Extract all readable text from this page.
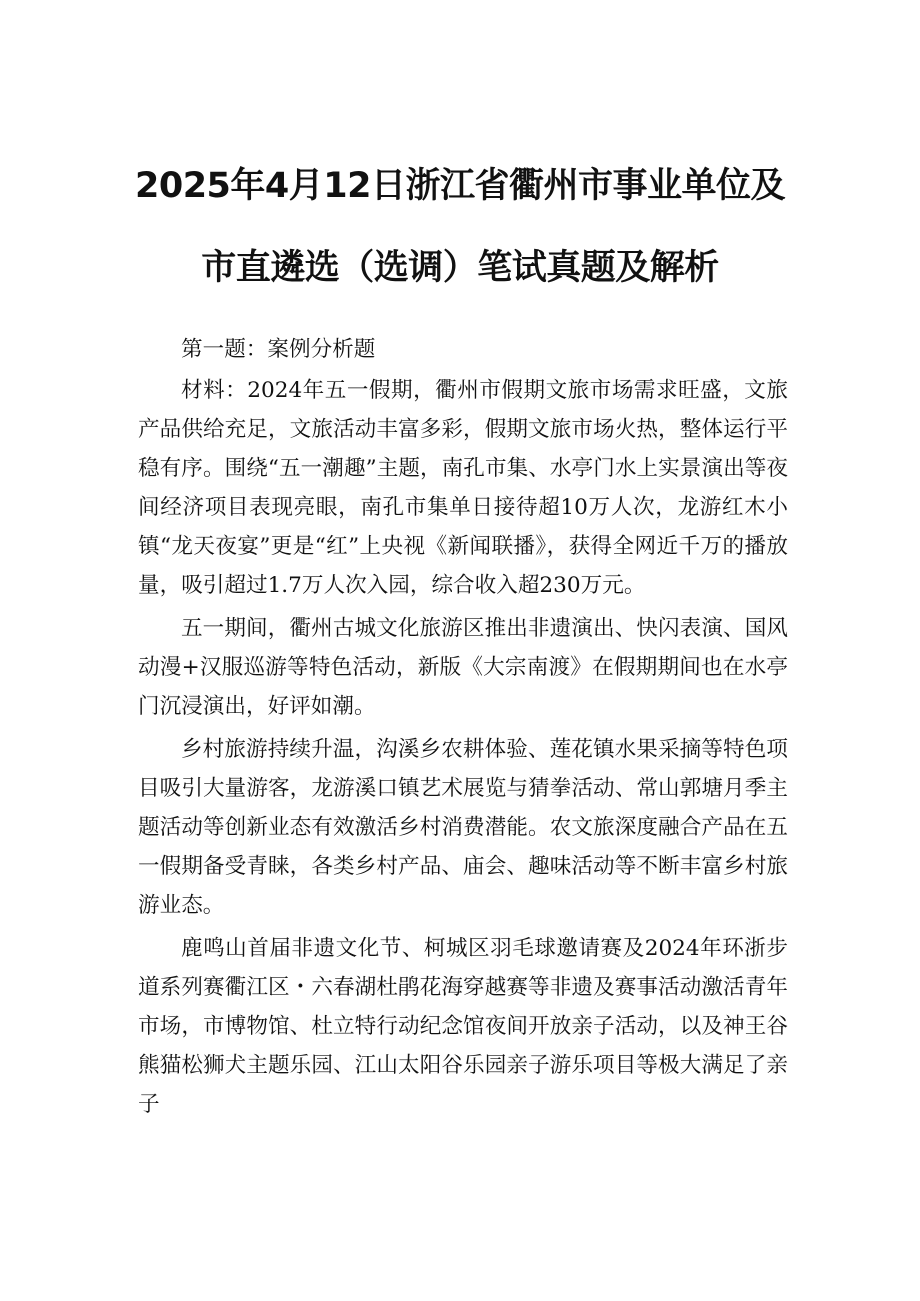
2025年4月12日浙江省衢州市事业单位及
市直遴选（选调）笔试真题及解析

第一题：案例分析题

材料：2024年五一假期，衢州市假期文旅市场需求旺盛，文旅产品供给充足，文旅活动丰富多彩，假期文旅市场火热，整体运行平稳有序。围绕“五一潮趣”主题，南孔市集、水亭门水上实景演出等夜间经济项目表现亮眼，南孔市集单日接待超10万人次，龙游红木小镇“龙天夜宴”更是“红”上央视《新闻联播》，获得全网近千万的播放量，吸引超过1.7万人次入园，综合收入超230万元。

五一期间，衢州古城文化旅游区推出非遗演出、快闪表演、国风动漫+汉服巡游等特色活动，新版《大宗南渡》在假期期间也在水亭门沉浸演出，好评如潮。

乡村旅游持续升温，沟溪乡农耕体验、莲花镇水果采摘等特色项目吸引大量游客，龙游溪口镇艺术展览与猜拳活动、常山郭塘月季主题活动等创新业态有效激活乡村消费潜能。农文旅深度融合产品在五一假期备受青睐，各类乡村产品、庙会、趣味活动等不断丰富乡村旅游业态。

鹿鸣山首届非遗文化节、柯城区羽毛球邀请赛及2024年环浙步道系列赛衢江区・六春湖杜鹃花海穿越赛等非遗及赛事活动激活青年市场，市博物馆、杜立特行动纪念馆夜间开放亲子活动，以及神王谷熊猫松狮犬主题乐园、江山太阳谷乐园亲子游乐项目等极大满足了亲子
